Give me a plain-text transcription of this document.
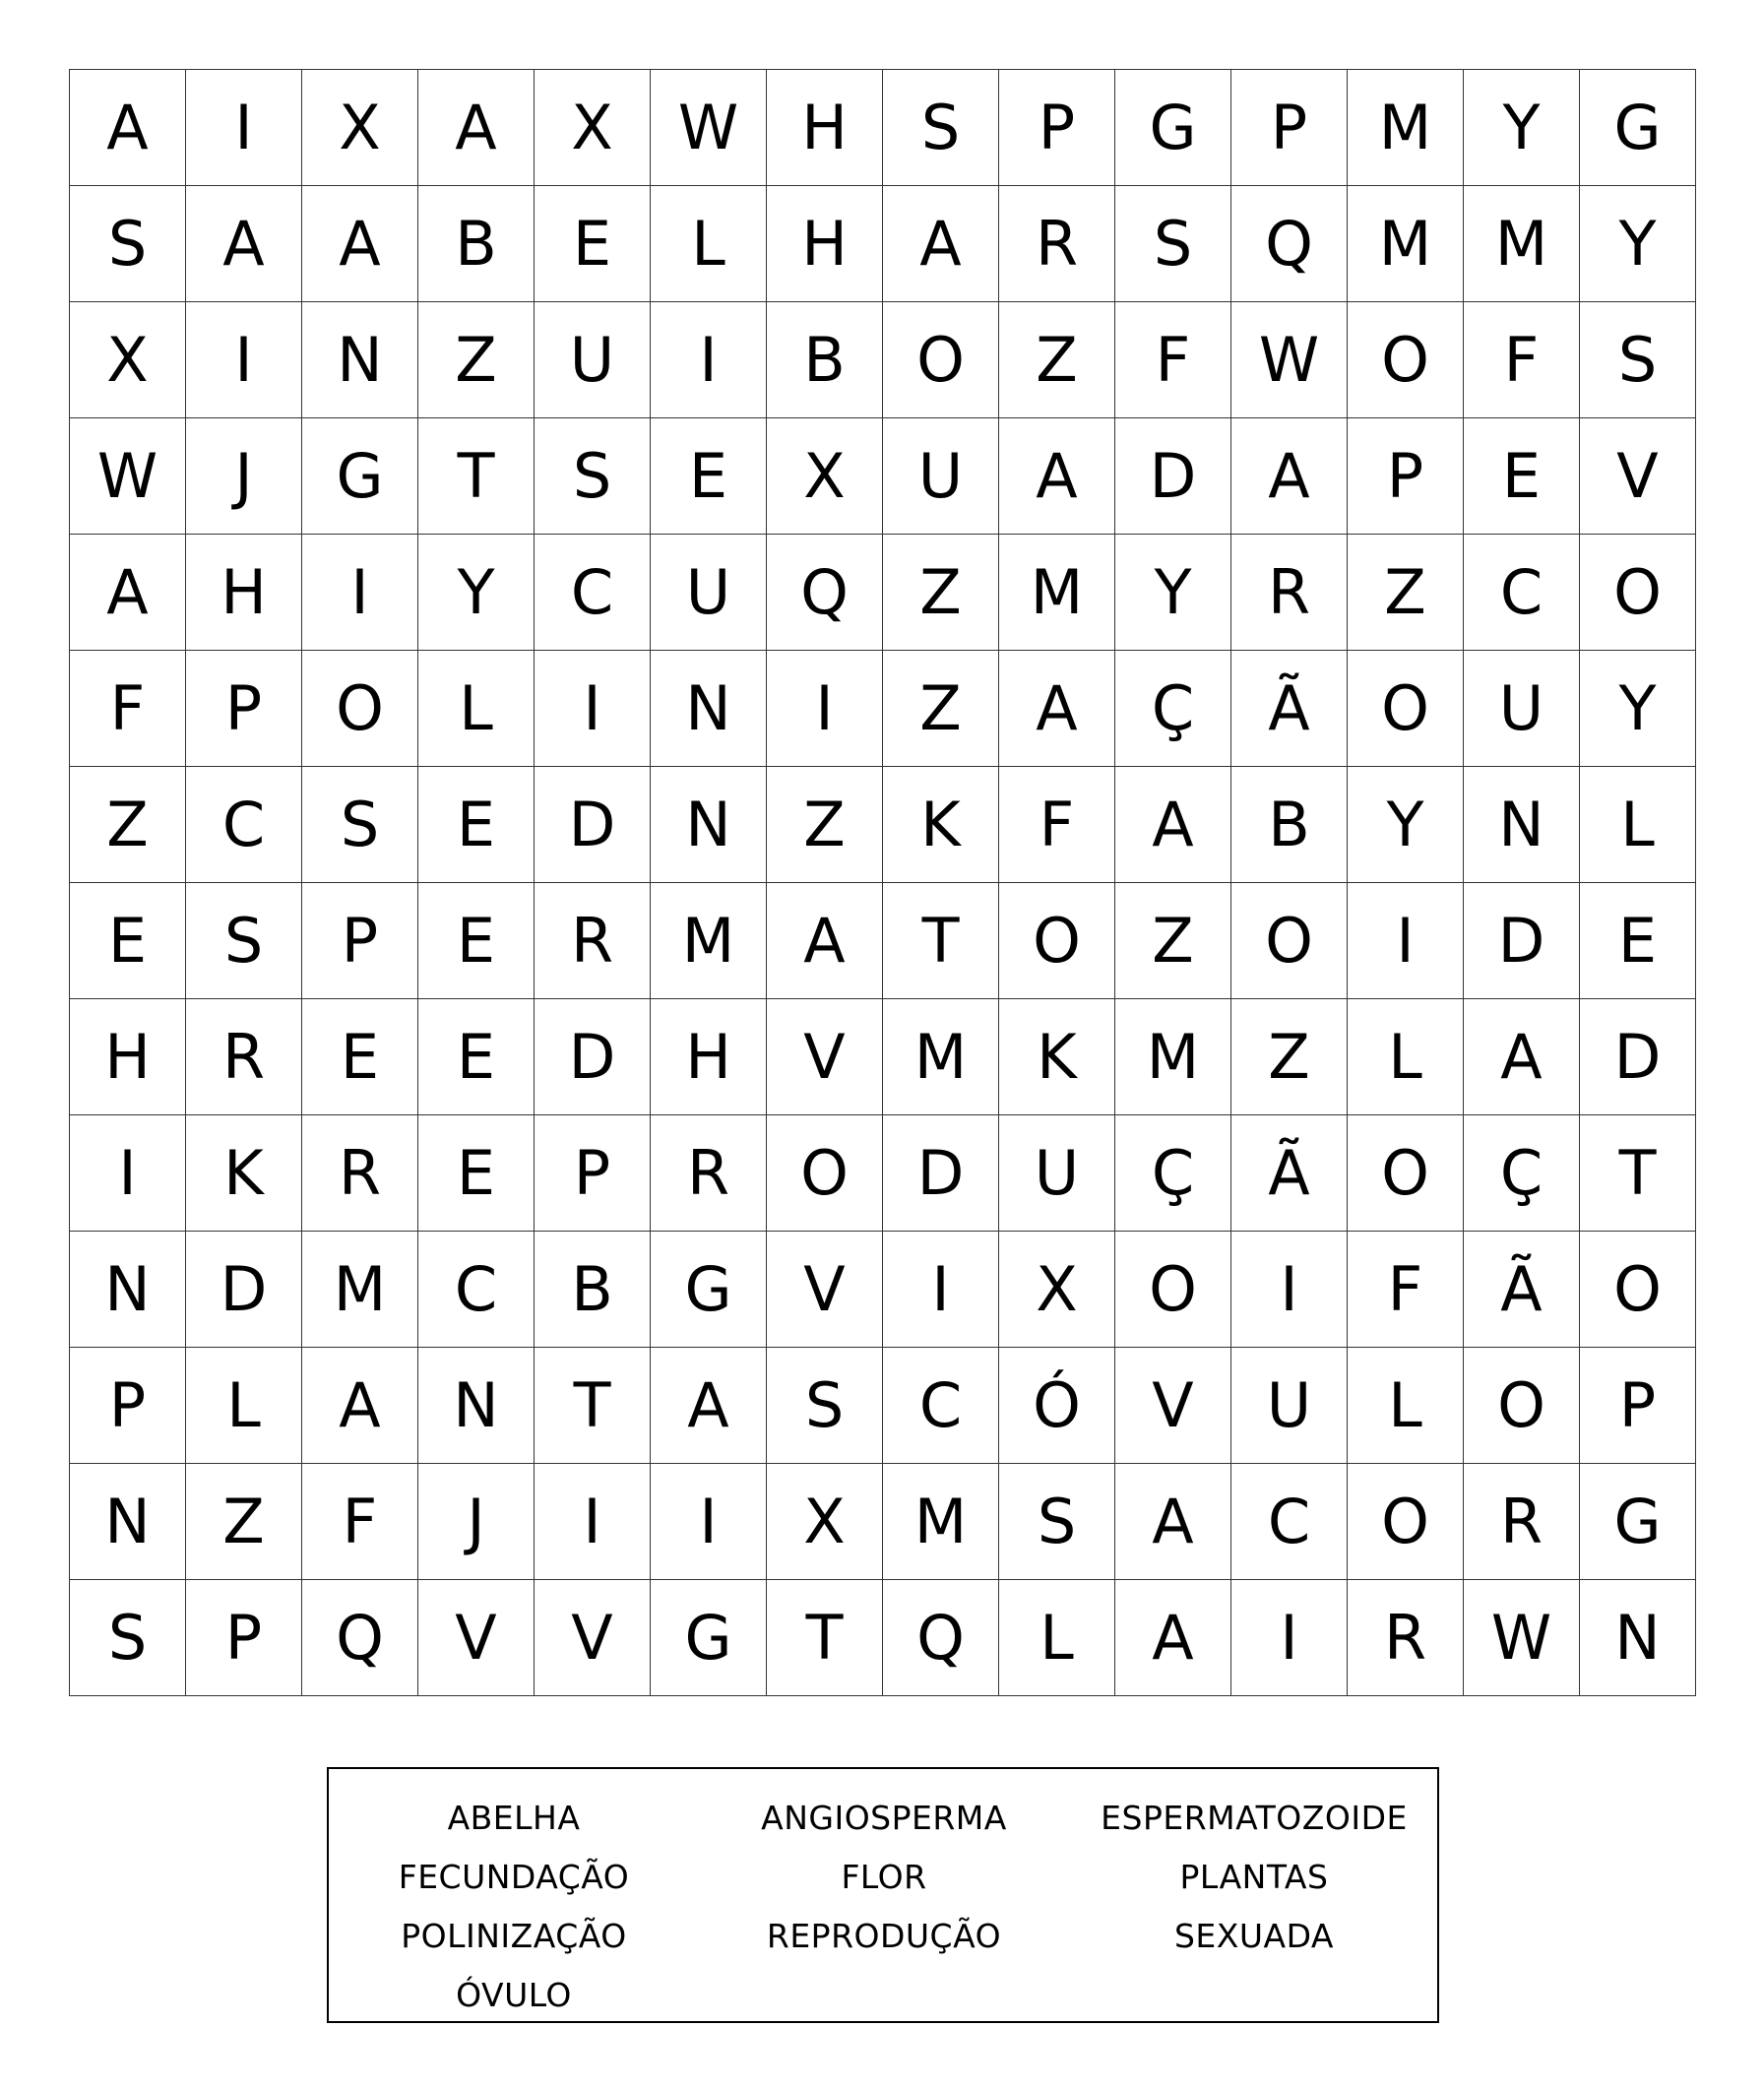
A	I	X	A	X	W	H	S	P	G	P	M	Y	G
S	A	A	B	E	L	H	A	R	S	Q	M	M	Y
X	I	N	Z	U	I	B	O	Z	F	W	O	F	S
W	J	G	T	S	E	X	U	A	D	A	P	E	V
A	H	I	Y	C	U	Q	Z	M	Y	R	Z	C	O
F	P	O	L	I	N	I	Z	A	Ç	Ã	O	U	Y
Z	C	S	E	D	N	Z	K	F	A	B	Y	N	L
E	S	P	E	R	M	A	T	O	Z	O	I	D	E
H	R	E	E	D	H	V	M	K	M	Z	L	A	D
I	K	R	E	P	R	O	D	U	Ç	Ã	O	Ç	T
N	D	M	C	B	G	V	I	X	O	I	F	Ã	O
P	L	A	N	T	A	S	C	Ó	V	U	L	O	P
N	Z	F	J	I	I	X	M	S	A	C	O	R	G
S	P	Q	V	V	G	T	Q	L	A	I	R	W	N
ABELHA
FECUNDAÇÃO
POLINIZAÇÃO
ÓVULO
ANGIOSPERMA
FLOR
REPRODUÇÃO
ESPERMATOZOIDE
PLANTAS
SEXUADA
